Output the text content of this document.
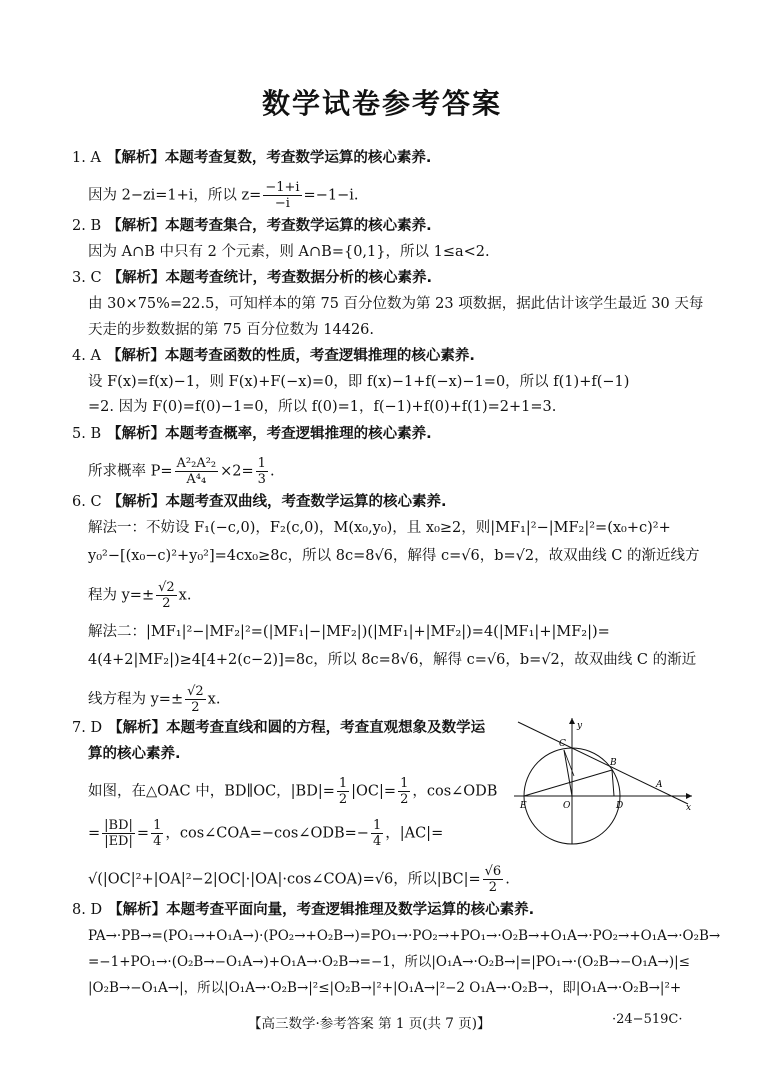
数学试卷参考答案
1. A 【解析】本题考查复数，考查数学运算的核心素养.
因为 2−zi=1+i，所以 $z= \frac{-1+i}{-i} =-1-i$.
2. B 【解析】本题考查集合，考查数学运算的核心素养.
因为 A∩B 中只有 2 个元素，则 A∩B={0,1}，所以 1≤a<2.
3. C 【解析】本题考查统计，考查数据分析的核心素养.
由 30×75%=22.5，可知样本的第 75 百分位数为第 23 项数据，据此估计该学生最近 30 天每
天走的步数数据的第 75 百分位数为 14426.
4. A 【解析】本题考查函数的性质，考查逻辑推理的核心素养.
设 F(x)=f(x)−1，则 F(x)+F(−x)=0，即 f(x)−1+f(−x)−1=0，所以 f(1)+f(−1)
=2. 因为 F(0)=f(0)−1=0，所以 f(0)=1，f(−1)+f(0)+f(1)=2+1=3.
5. B 【解析】本题考查概率，考查逻辑推理的核心素养.
所求概率 $P= \frac{\text{A²₂A²₂}}{\text{A⁴₄}} \times 2= \frac{1}{3}$ .
6. C 【解析】本题考查双曲线，考查数学运算的核心素养.
解法一：不妨设 F₁(−c,0)，F₂(c,0)，M(x₀,y₀)，且 x₀≥2，则|MF₁|²−|MF₂|²=(x₀+c)²+
y₀²−[(x₀−c)²+y₀²]=4cx₀≥8c，所以 8c=8√6，解得 c=√6，b=√2，故双曲线 C 的渐近线方
程为 $y=\pm \frac{√2}{2} x$.
解法二：|MF₁|²−|MF₂|²=(|MF₁|−|MF₂|)(|MF₁|+|MF₂|)=4(|MF₁|+|MF₂|)=
4(4+2|MF₂|)≥4[4+2(c−2)]=8c，所以 8c=8√6，解得 c=√6，b=√2，故双曲线 C 的渐近
线方程为 $y=\pm \frac{√2}{2} x$.
7. D 【解析】本题考查直线和圆的方程，考查直观想象及数学运
算的核心素养.
如图，在△OAC 中，BD∥OC，$|BD|= \frac{1}{2} |OC|= \frac{1}{2}$ ，cos∠ODB
= $\frac{|BD|}{|ED|} = \frac{1}{4}$ ，cos∠COA=−cos∠ODB=− $\frac{1}{4}$ ，|AC|=
√(|OC|²+|OA|²−2|OC|·|OA|·cos∠COA)=√6，所以$|BC|= \frac{√6}{2}$ .
y
x
C
B
A
E	O	D
8. D 【解析】本题考查平面向量，考查逻辑推理及数学运算的核心素养.
PA→·PB→=(PO₁→+O₁A→)·(PO₂→+O₂B→)=PO₁→·PO₂→+PO₁→·O₂B→+O₁A→·PO₂→+O₁A→·O₂B→
=−1+PO₁→·(O₂B→−O₁A→)+O₁A→·O₂B→=−1，所以|O₁A→·O₂B→|=|PO₁→·(O₂B→−O₁A→)|≤
|O₂B→−O₁A→|，所以|O₁A→·O₂B→|²≤|O₂B→|²+|O₁A→|²−2 O₁A→·O₂B→，即|O₁A→·O₂B→|²+
【高三数学·参考答案 第 1 页(共 7 页)】	·24−519C·
